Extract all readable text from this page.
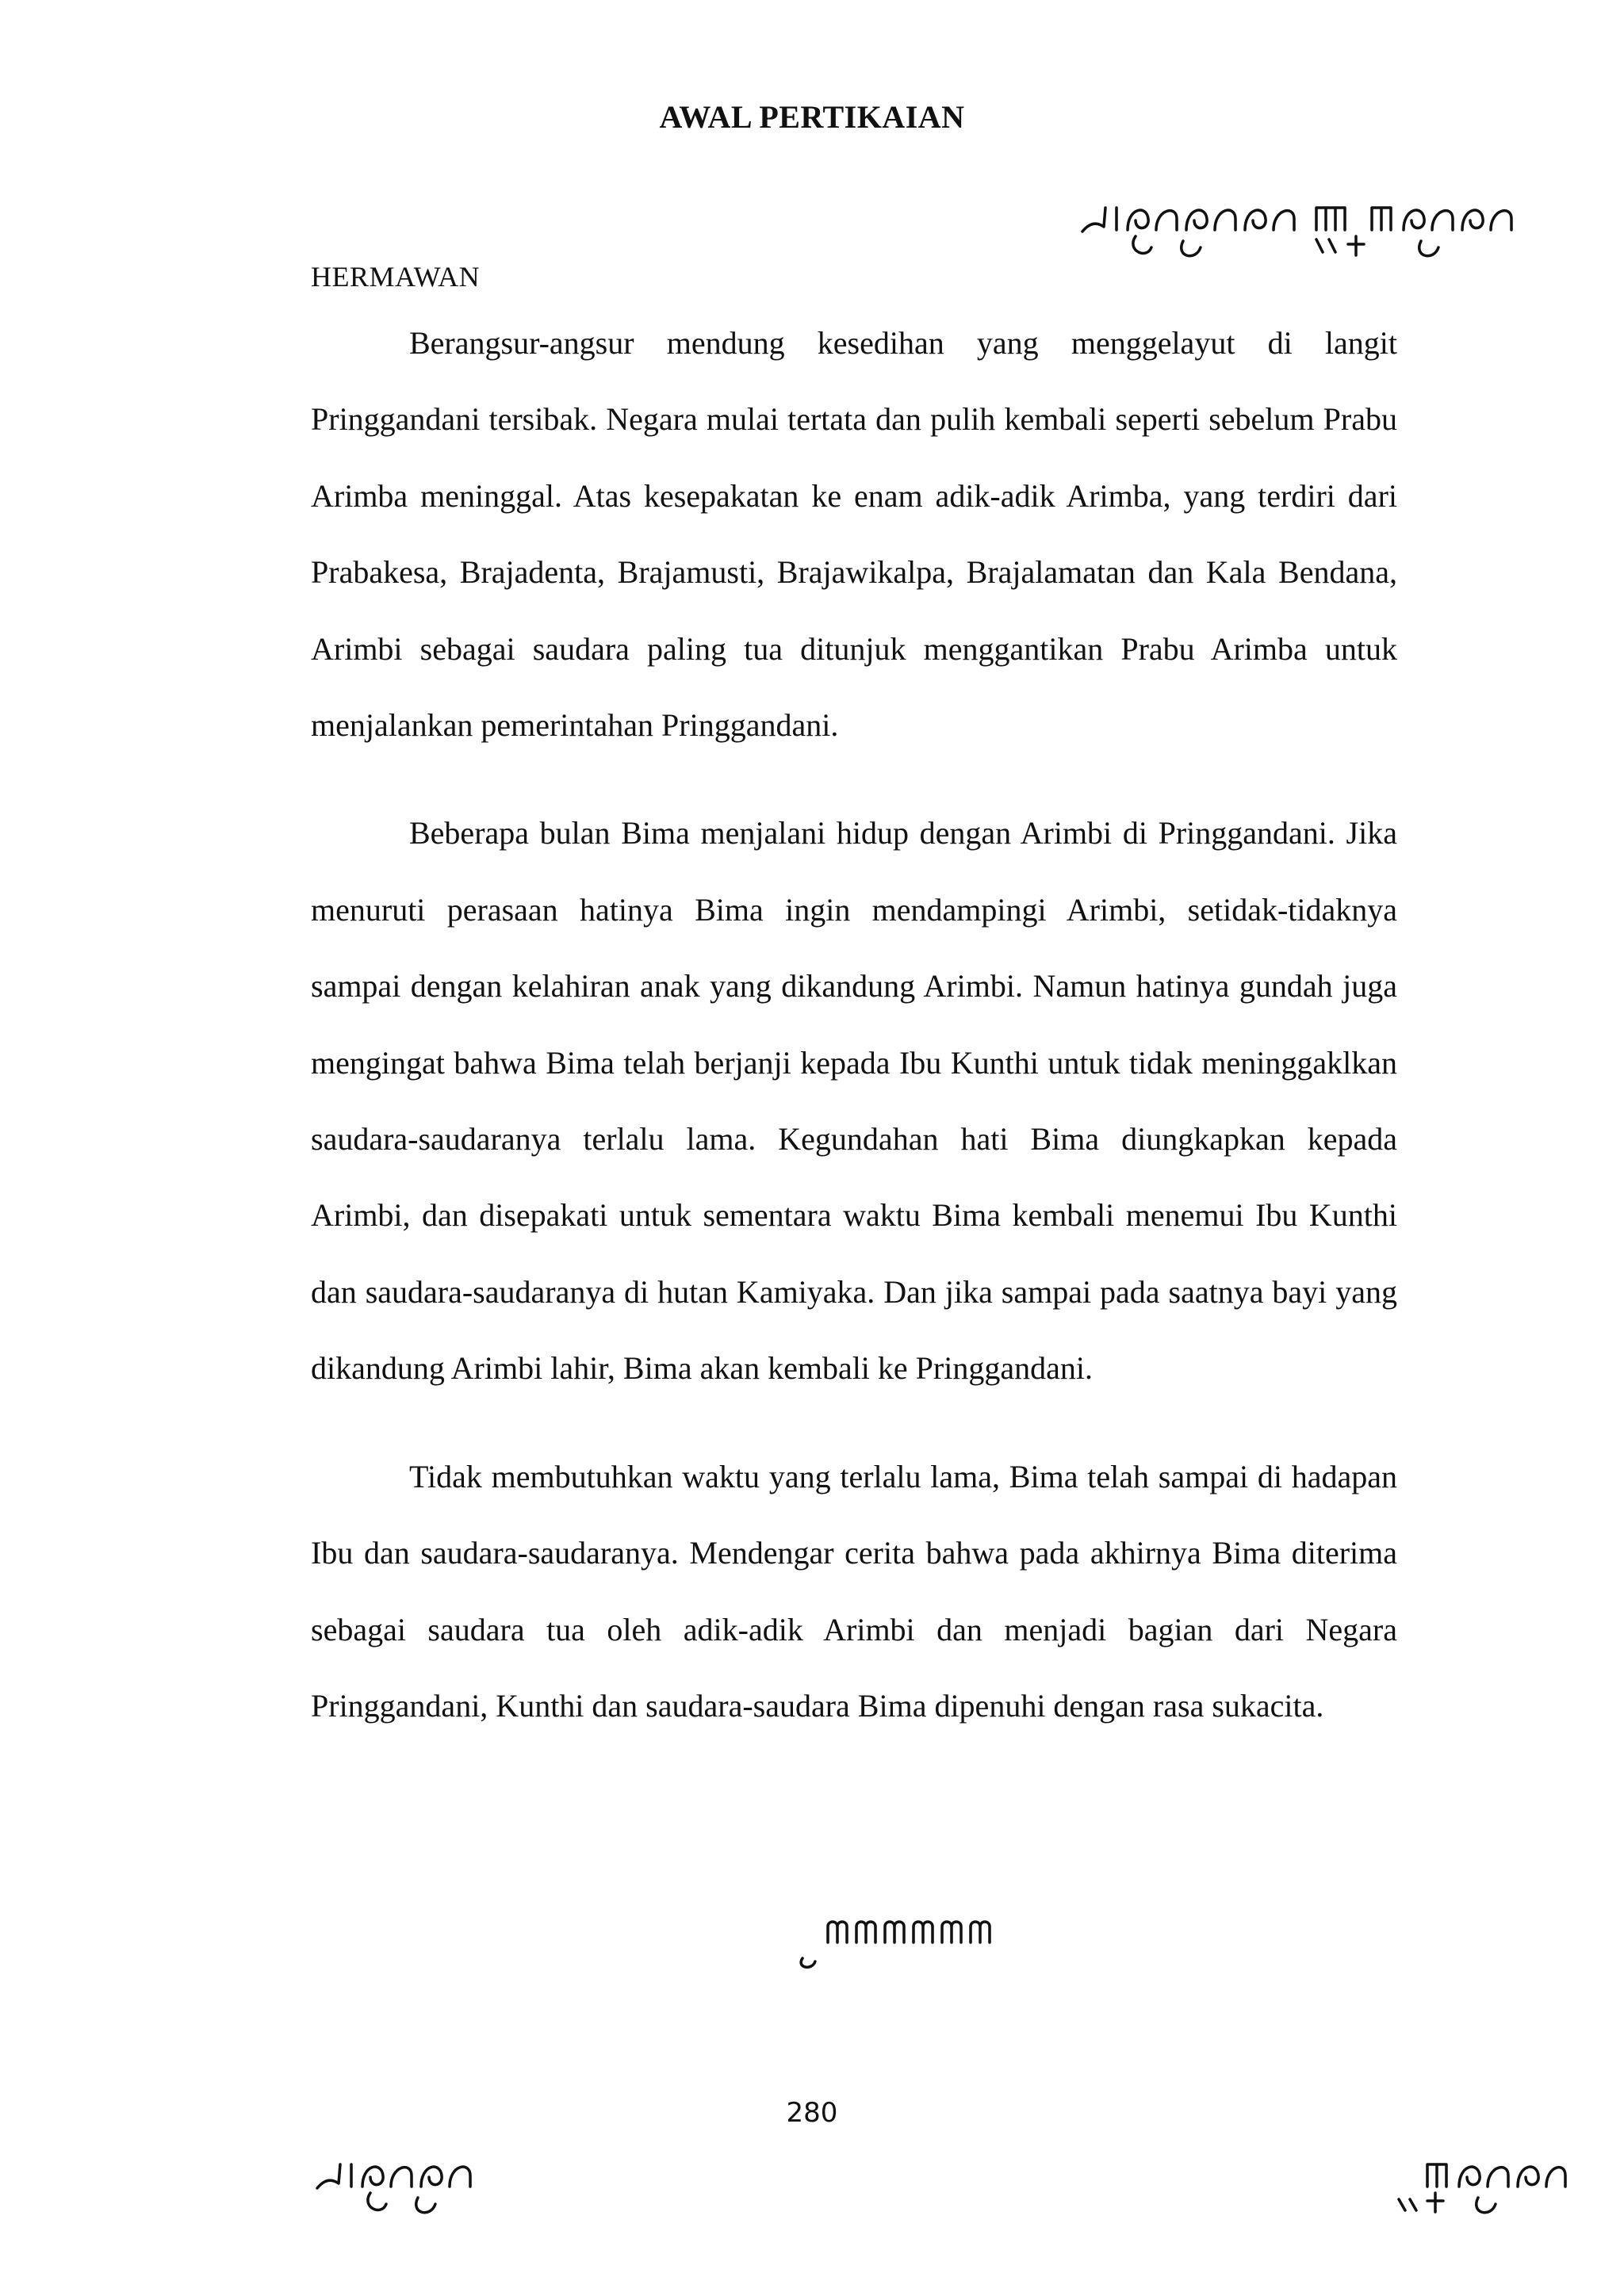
AWAL PERTIKAIAN
HERMAWAN

Berangsur-angsur mendung kesedihan yang menggelayut di langit Pringgandani tersibak. Negara mulai tertata dan pulih kembali seperti sebelum Prabu Arimba meninggal. Atas kesepakatan ke enam adik-adik Arimba, yang terdiri dari Prabakesa, Brajadenta, Brajamusti, Brajawikalpa, Brajalamatan dan Kala Bendana, Arimbi sebagai saudara paling tua ditunjuk menggantikan Prabu Arimba untuk menjalankan pemerintahan Pringgandani.

Beberapa bulan Bima menjalani hidup dengan Arimbi di Pringgandani. Jika menuruti perasaan hatinya Bima ingin mendampingi Arimbi, setidak-tidaknya sampai dengan kelahiran anak yang dikandung Arimbi. Namun hatinya gundah juga mengingat bahwa Bima telah berjanji kepada Ibu Kunthi untuk tidak meninggaklkan saudara-saudaranya terlalu lama. Kegundahan hati Bima diungkapkan kepada Arimbi, dan disepakati untuk sementara waktu Bima kembali menemui Ibu Kunthi dan saudara-saudaranya di hutan Kamiyaka. Dan jika sampai pada saatnya bayi yang dikandung Arimbi lahir, Bima akan kembali ke Pringgandani.

Tidak membutuhkan waktu yang terlalu lama, Bima telah sampai di hadapan Ibu dan saudara-saudaranya. Mendengar cerita bahwa pada akhirnya Bima diterima sebagai saudara tua oleh adik-adik Arimbi dan menjadi bagian dari Negara Pringgandani, Kunthi dan saudara-saudara Bima dipenuhi dengan rasa sukacita.

280
